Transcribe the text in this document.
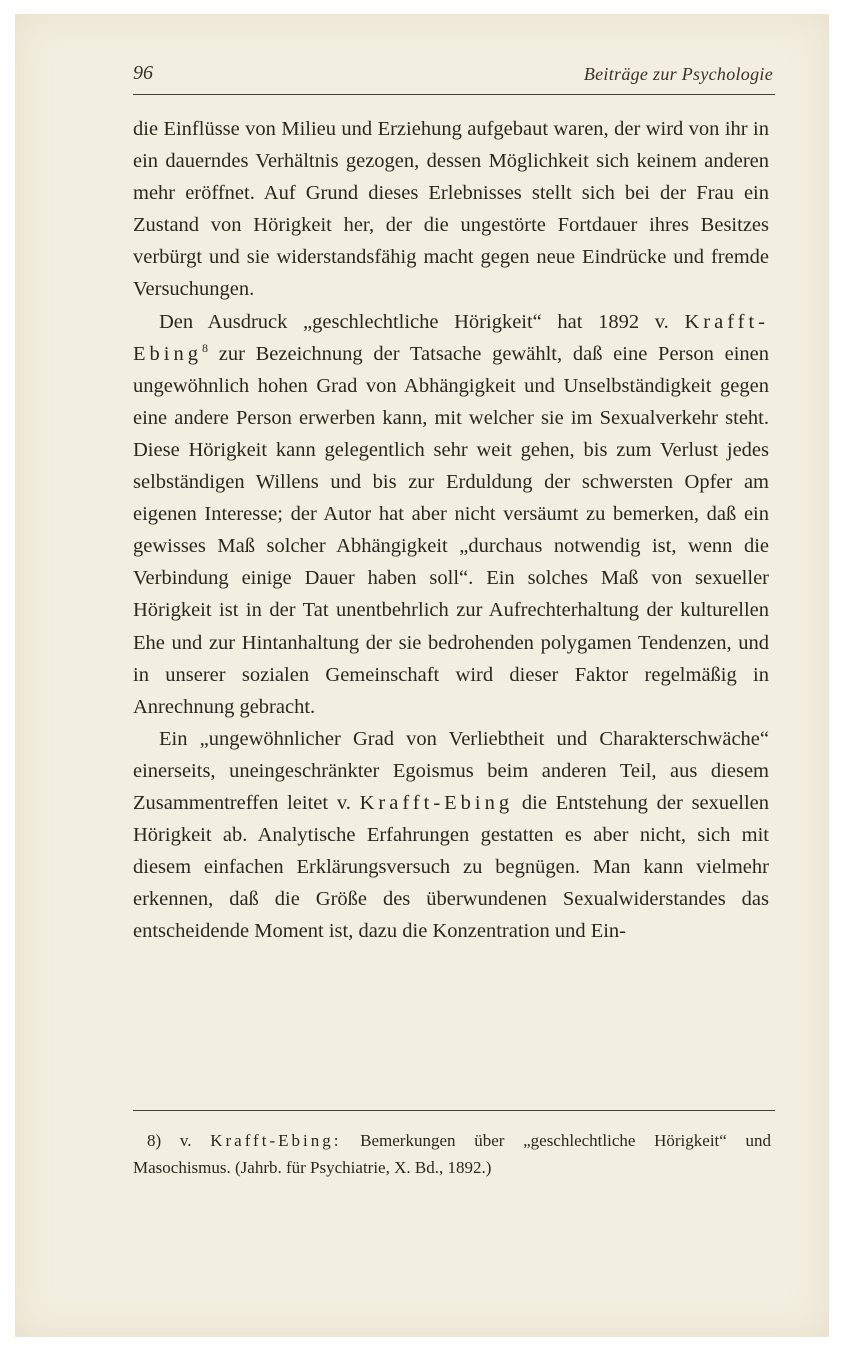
96	Beiträge zur Psychologie

die Einflüsse von Milieu und Erziehung aufgebaut waren, der wird von ihr in ein dauerndes Verhältnis gezogen, dessen Möglichkeit sich keinem anderen mehr eröffnet. Auf Grund dieses Erlebnisses stellt sich bei der Frau ein Zustand von Hörigkeit her, der die ungestörte Fortdauer ihres Besitzes verbürgt und sie widerstandsfähig macht gegen neue Eindrücke und fremde Versuchungen.

Den Ausdruck „geschlechtliche Hörigkeit“ hat 1892 v. Krafft-Ebing$^8$ zur Bezeichnung der Tatsache gewählt, daß eine Person einen ungewöhnlich hohen Grad von Abhängigkeit und Unselbständigkeit gegen eine andere Person erwerben kann, mit welcher sie im Sexualverkehr steht. Diese Hörigkeit kann gelegentlich sehr weit gehen, bis zum Verlust jedes selbständigen Willens und bis zur Erduldung der schwersten Opfer am eigenen Interesse; der Autor hat aber nicht versäumt zu bemerken, daß ein gewisses Maß solcher Abhängigkeit „durchaus notwendig ist, wenn die Verbindung einige Dauer haben soll“. Ein solches Maß von sexueller Hörigkeit ist in der Tat unentbehrlich zur Aufrechterhaltung der kulturellen Ehe und zur Hintanhaltung der sie bedrohenden polygamen Tendenzen, und in unserer sozialen Gemeinschaft wird dieser Faktor regelmäßig in Anrechnung gebracht.

Ein „ungewöhnlicher Grad von Verliebtheit und Charakterschwäche“ einerseits, uneingeschränkter Egoismus beim anderen Teil, aus diesem Zusammentreffen leitet v. Krafft-Ebing die Entstehung der sexuellen Hörigkeit ab. Analytische Erfahrungen gestatten es aber nicht, sich mit diesem einfachen Erklärungsversuch zu begnügen. Man kann vielmehr erkennen, daß die Größe des überwundenen Sexualwiderstandes das entscheidende Moment ist, dazu die Konzentration und Ein-

8) v. Krafft-Ebing: Bemerkungen über „geschlechtliche Hörigkeit“ und Masochismus. (Jahrb. für Psychiatrie, X. Bd., 1892.)
